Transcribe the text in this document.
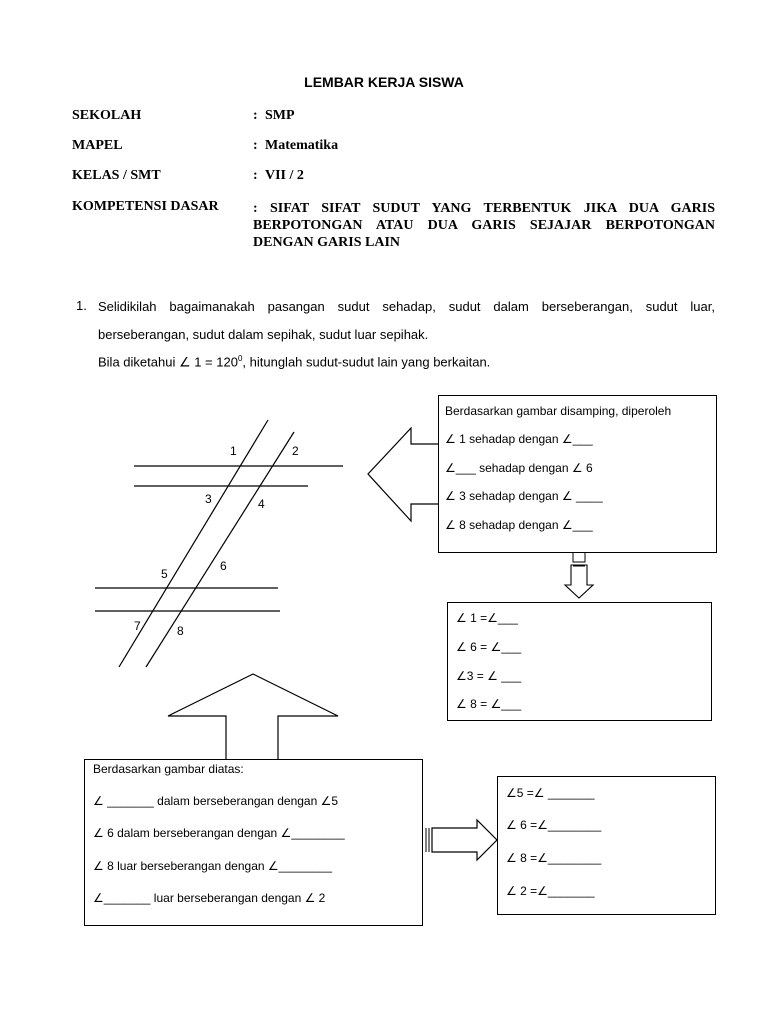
LEMBAR KERJA SISWA
SEKOLAH	: SMP
MAPEL	: Matematika
KELAS / SMT	: VII / 2
KOMPETENSI DASAR : SIFAT SIFAT SUDUT YANG TERBENTUK JIKA DUA GARIS
BERPOTONGAN ATAU DUA GARIS SEJAJAR BERPOTONGAN
DENGAN GARIS LAIN
1. Selidikilah bagaimanakah pasangan sudut sehadap, sudut dalam berseberangan, sudut luar,
berseberangan, sudut dalam sepihak, sudut luar sepihak.
Bila diketahui ∠ $1 = 120^0$, hitunglah sudut-sudut lain yang berkaitan.
1	2
3	4
5
6
7	8
Berdasarkan gambar disamping, diperoleh
∠ 1 sehadap dengan ∠___
∠___ sehadap dengan ∠ 6
∠ 3 sehadap dengan ∠ ____
∠ 8 sehadap dengan ∠___
∠ 1 =∠___
∠ 6 = ∠___
∠3 = ∠ ___
∠ 8 = ∠___
Berdasarkan gambar diatas:
∠ _______ dalam berseberangan dengan ∠5
∠ 6 dalam berseberangan dengan ∠________
∠ 8 luar berseberangan dengan ∠________
∠_______ luar berseberangan dengan ∠ 2
∠5 =∠ _______
∠ 6 =∠________
∠ 8 =∠________
∠ 2 =∠_______
